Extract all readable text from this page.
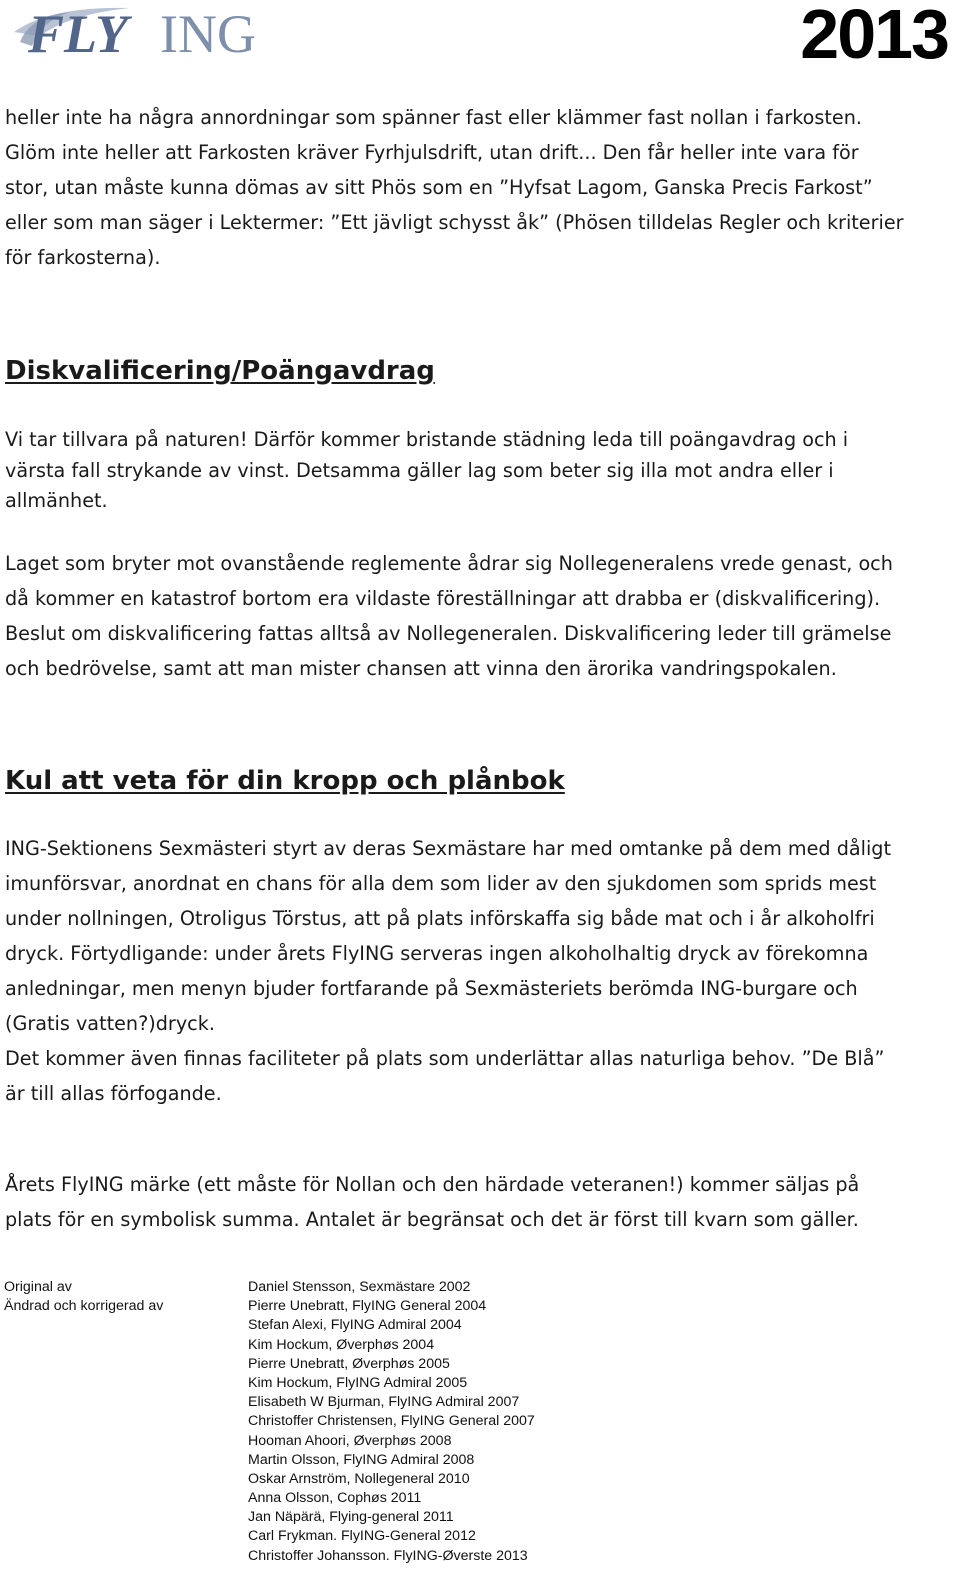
FLY ING	2013

heller inte ha några annordningar som spänner fast eller klämmer fast nollan i farkosten.
Glöm inte heller att Farkosten kräver Fyrhjulsdrift, utan drift... Den får heller inte vara för
stor, utan måste kunna dömas av sitt Phös som en ”Hyfsat Lagom, Ganska Precis Farkost”
eller som man säger i Lektermer: ”Ett jävligt schysst åk” (Phösen tilldelas Regler och kriterier
för farkosterna).

Diskvalificering/Poängavdrag

Vi tar tillvara på naturen! Därför kommer bristande städning leda till poängavdrag och i
värsta fall strykande av vinst. Detsamma gäller lag som beter sig illa mot andra eller i
allmänhet.

Laget som bryter mot ovanstående reglemente ådrar sig Nollegeneralens vrede genast, och
då kommer en katastrof bortom era vildaste föreställningar att drabba er (diskvalificering).
Beslut om diskvalificering fattas alltså av Nollegeneralen. Diskvalificering leder till grämelse
och bedrövelse, samt att man mister chansen att vinna den ärorika vandringspokalen.

Kul att veta för din kropp och plånbok

ING-Sektionens Sexmästeri styrt av deras Sexmästare har med omtanke på dem med dåligt
imunförsvar, anordnat en chans för alla dem som lider av den sjukdomen som sprids mest
under nollningen, Otroligus Törstus, att på plats införskaffa sig både mat och i år alkoholfri
dryck. Förtydligande: under årets FlyING serveras ingen alkoholhaltig dryck av förekomna
anledningar, men menyn bjuder fortfarande på Sexmästeriets berömda ING-burgare och
(Gratis vatten?)dryck.
Det kommer även finnas faciliteter på plats som underlättar allas naturliga behov. ”De Blå”
är till allas förfogande.

Årets FlyING märke (ett måste för Nollan och den härdade veteranen!) kommer säljas på
plats för en symbolisk summa. Antalet är begränsat och det är först till kvarn som gäller.

Original av	Daniel Stensson, Sexmästare 2002
Ändrad och korrigerad av	Pierre Unebratt, FlyING General 2004
Stefan Alexi, FlyING Admiral 2004
Kim Hockum, Øverphøs 2004
Pierre Unebratt, Øverphøs 2005
Kim Hockum, FlyING Admiral 2005
Elisabeth W Bjurman, FlyING Admiral 2007
Christoffer Christensen, FlyING General 2007
Hooman Ahoori, Øverphøs 2008
Martin Olsson, FlyING Admiral 2008
Oskar Arnström, Nollegeneral 2010
Anna Olsson, Cophøs 2011
Jan Näpärä, Flying-general 2011
Carl Frykman. FlyING-General 2012
Christoffer Johansson. FlyING-Øverste 2013
